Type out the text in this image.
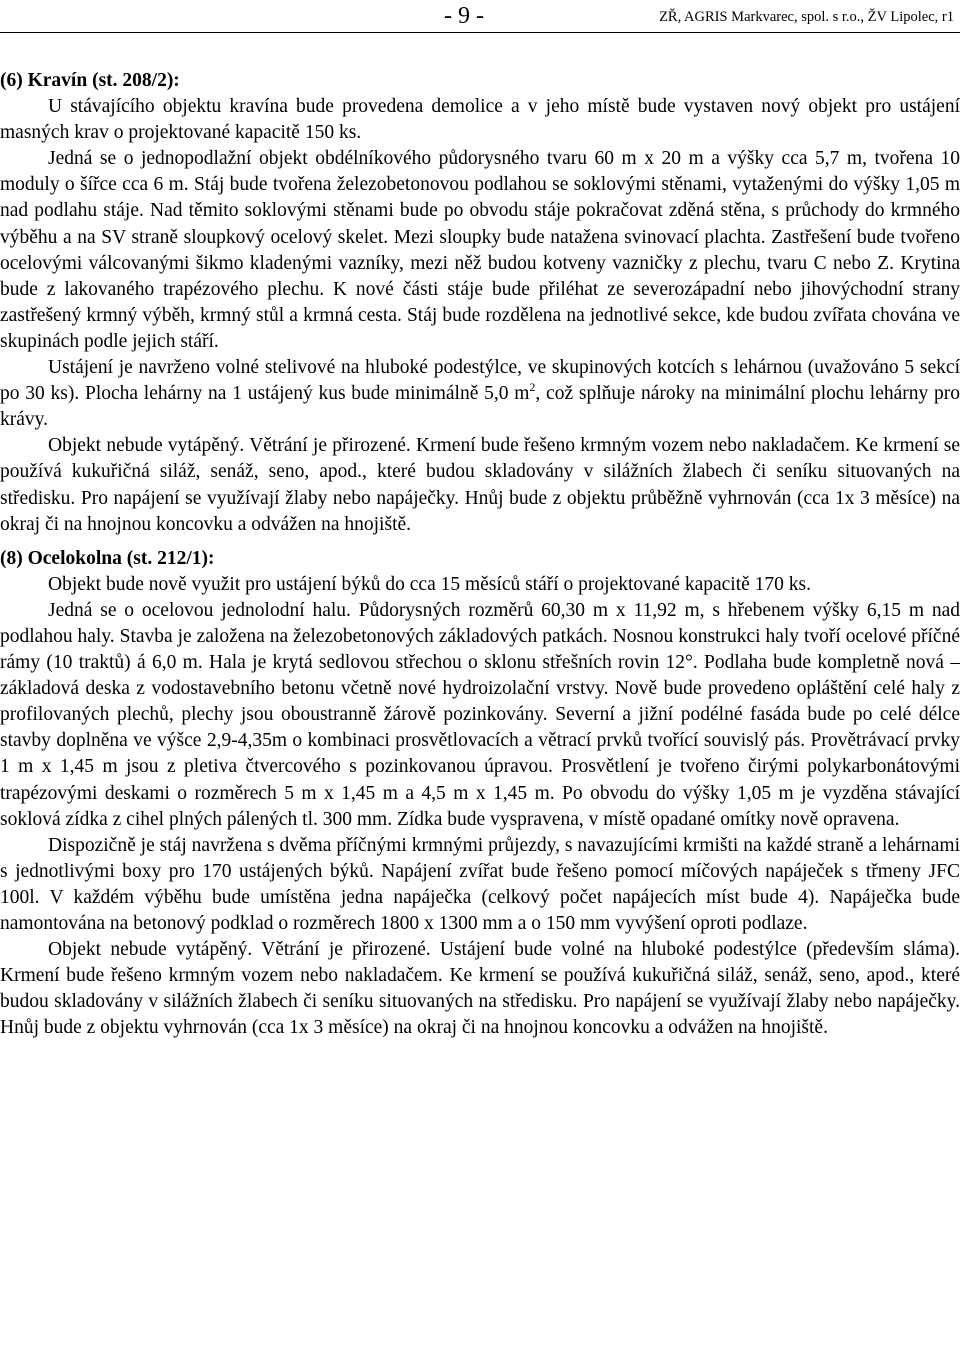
- 9 -	ZŘ, AGRIS Markvarec, spol. s r.o., ŽV Lipolec, r1

(6) Kravín (st. 208/2):

U stávajícího objektu kravína bude provedena demolice a v jeho místě bude vystaven nový objekt pro ustájení masných krav o projektované kapacitě 150 ks.

Jedná se o jednopodlažní objekt obdélníkového půdorysného tvaru 60 m x 20 m a výšky cca 5,7 m, tvořena 10 moduly o šířce cca 6 m. Stáj bude tvořena železobetonovou podlahou se soklovými stěnami, vytaženými do výšky 1,05 m nad podlahu stáje. Nad těmito soklovými stěnami bude po obvodu stáje pokračovat zděná stěna, s průchody do krmného výběhu a na SV straně sloupkový ocelový skelet. Mezi sloupky bude natažena svinovací plachta. Zastřešení bude tvořeno ocelovými válcovanými šikmo kladenými vazníky, mezi něž budou kotveny vazničky z plechu, tvaru C nebo Z. Krytina bude z lakovaného trapézového plechu. K nové části stáje bude přiléhat ze severozápadní nebo jihovýchodní strany zastřešený krmný výběh, krmný stůl a krmná cesta. Stáj bude rozdělena na jednotlivé sekce, kde budou zvířata chována ve skupinách podle jejich stáří.

Ustájení je navrženo volné stelivové na hluboké podestýlce, ve skupinových kotcích s lehárnou (uvažováno 5 sekcí po 30 ks). Plocha lehárny na 1 ustájený kus bude minimálně 5,0 $m^2$, což splňuje nároky na minimální plochu lehárny pro krávy.

Objekt nebude vytápěný. Větrání je přirozené. Krmení bude řešeno krmným vozem nebo nakladačem. Ke krmení se používá kukuřičná siláž, senáž, seno, apod., které budou skladovány v silážních žlabech či seníku situovaných na středisku. Pro napájení se využívají žlaby nebo napáječky. Hnůj bude z objektu průběžně vyhrnován (cca 1x 3 měsíce) na okraj či na hnojnou koncovku a odvážen na hnojiště.

(8) Ocelokolna (st. 212/1):

Objekt bude nově využit pro ustájení býků do cca 15 měsíců stáří o projektované kapacitě 170 ks.

Jedná se o ocelovou jednolodní halu. Půdorysných rozměrů 60,30 m x 11,92 m, s hřebenem výšky 6,15 m nad podlahou haly. Stavba je založena na železobetonových základových patkách. Nosnou konstrukci haly tvoří ocelové příčné rámy (10 traktů) á 6,0 m. Hala je krytá sedlovou střechou o sklonu střešních rovin 12°. Podlaha bude kompletně nová – základová deska z vodostavebního betonu včetně nové hydroizolační vrstvy. Nově bude provedeno opláštění celé haly z profilovaných plechů, plechy jsou oboustranně žárově pozinkovány. Severní a jižní podélné fasáda bude po celé délce stavby doplněna ve výšce 2,9-4,35m o kombinaci prosvětlovacích a větrací prvků tvořící souvislý pás. Provětrávací prvky 1 m x 1,45 m jsou z pletiva čtvercového s pozinkovanou úpravou. Prosvětlení je tvořeno čirými polykarbonátovými trapézovými deskami o rozměrech 5 m x 1,45 m a 4,5 m x 1,45 m. Po obvodu do výšky 1,05 m je vyzděna stávající soklová zídka z cihel plných pálených tl. 300 mm. Zídka bude vyspravena, v místě opadané omítky nově opravena.

Dispozičně je stáj navržena s dvěma příčnými krmnými průjezdy, s navazujícími krmišti na každé straně a lehárnami s jednotlivými boxy pro 170 ustájených býků. Napájení zvířat bude řešeno pomocí míčových napáječek s třmeny JFC 100l. V každém výběhu bude umístěna jedna napáječka (celkový počet napájecích míst bude 4). Napáječka bude namontována na betonový podklad o rozměrech 1800 x 1300 mm a o 150 mm vyvýšení oproti podlaze.

Objekt nebude vytápěný. Větrání je přirozené. Ustájení bude volné na hluboké podestýlce (především sláma). Krmení bude řešeno krmným vozem nebo nakladačem. Ke krmení se používá kukuřičná siláž, senáž, seno, apod., které budou skladovány v silážních žlabech či seníku situovaných na středisku. Pro napájení se využívají žlaby nebo napáječky. Hnůj bude z objektu vyhrnován (cca 1x 3 měsíce) na okraj či na hnojnou koncovku a odvážen na hnojiště.
